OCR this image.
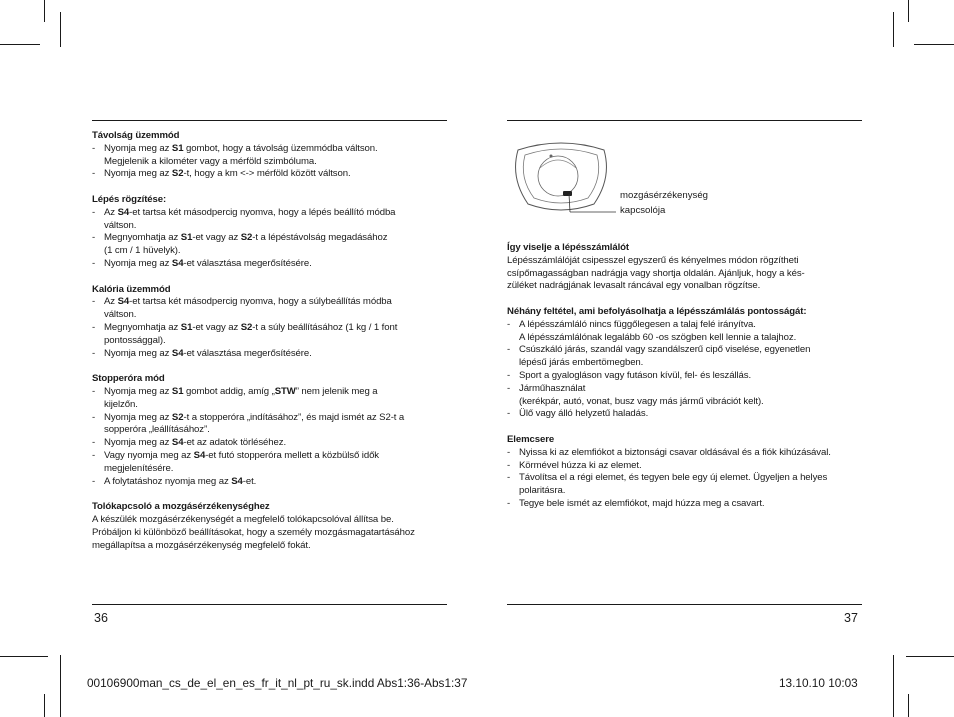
Távolság üzemmód

- Nyomja meg az S1 gombot, hogy a távolság üzemmódba váltson.
Megjelenik a kilométer vagy a mérföld szimbóluma.
- Nyomja meg az S2-t, hogy a km <-> mérföld között váltson.

Lépés rögzítése:

- Az S4-et tartsa két másodpercig nyomva, hogy a lépés beállító módba
váltson.
- Megnyomhatja az S1-et vagy az S2-t a lépéstávolság megadásához
(1 cm / 1 hüvelyk).
- Nyomja meg az S4-et választása megerősítésére.

Kalória üzemmód

- Az S4-et tartsa két másodpercig nyomva, hogy a súlybeállítás módba
váltson.
- Megnyomhatja az S1-et vagy az S2-t a súly beállításához (1 kg / 1 font
pontossággal).
- Nyomja meg az S4-et választása megerősítésére.

Stopperóra mód

- Nyomja meg az S1 gombot addig, amíg „STW” nem jelenik meg a
kijelzőn.
- Nyomja meg az S2-t a stopperóra „indításához”, és majd ismét az S2-t a
sopperóra „leállításához”.
- Nyomja meg az S4-et az adatok törléséhez.
- Vagy nyomja meg az S4-et futó stopperóra mellett a közbülső idők
megjelenítésére.
- A folytatáshoz nyomja meg az S4-et.

Tolókapcsoló a mozgásérzékenységhez

A készülék mozgásérzékenységét a megfelelő tolókapcsolóval állítsa be.

Próbáljon ki különböző beállításokat, hogy a személy mozgásmagatartásához

megállapítsa a mozgásérzékenység megfelelő fokát.

mozgásérzékenység
kapcsolója

Így viselje a lépésszámlálót

Lépésszámlálóját csipesszel egyszerű és kényelmes módon rögzítheti

csípőmagasságban nadrágja vagy shortja oldalán. Ajánljuk, hogy a kés-

züléket nadrágjának levasalt ráncával egy vonalban rögzítse.

Néhány feltétel, ami befolyásolhatja a lépésszámlálás pontosságát:

- A lépésszámláló nincs függőlegesen a talaj felé irányítva.
A lépésszámlálónak legalább 60 -os szögben kell lennie a talajhoz.
- Csúszkáló járás, szandál vagy szandálszerű cipő viselése, egyenetlen
lépésű járás embertömegben.
- Sport a gyalogláson vagy futáson kívül, fel- és leszállás.
- Járműhasználat
(kerékpár, autó, vonat, busz vagy más jármű vibrációt kelt).
- Ülő vagy álló helyzetű haladás.

Elemcsere

- Nyissa ki az elemfiókot a biztonsági csavar oldásával és a fiók kihúzásával.
- Körmével húzza ki az elemet.
- Távolítsa el a régi elemet, és tegyen bele egy új elemet. Ügyeljen a helyes
polaritásra.
- Tegye bele ismét az elemfiókot, majd húzza meg a csavart.
36	37
00106900man_cs_de_el_en_es_fr_it_nl_pt_ru_sk.indd Abs1:36-Abs1:37	13.10.10 10:03
